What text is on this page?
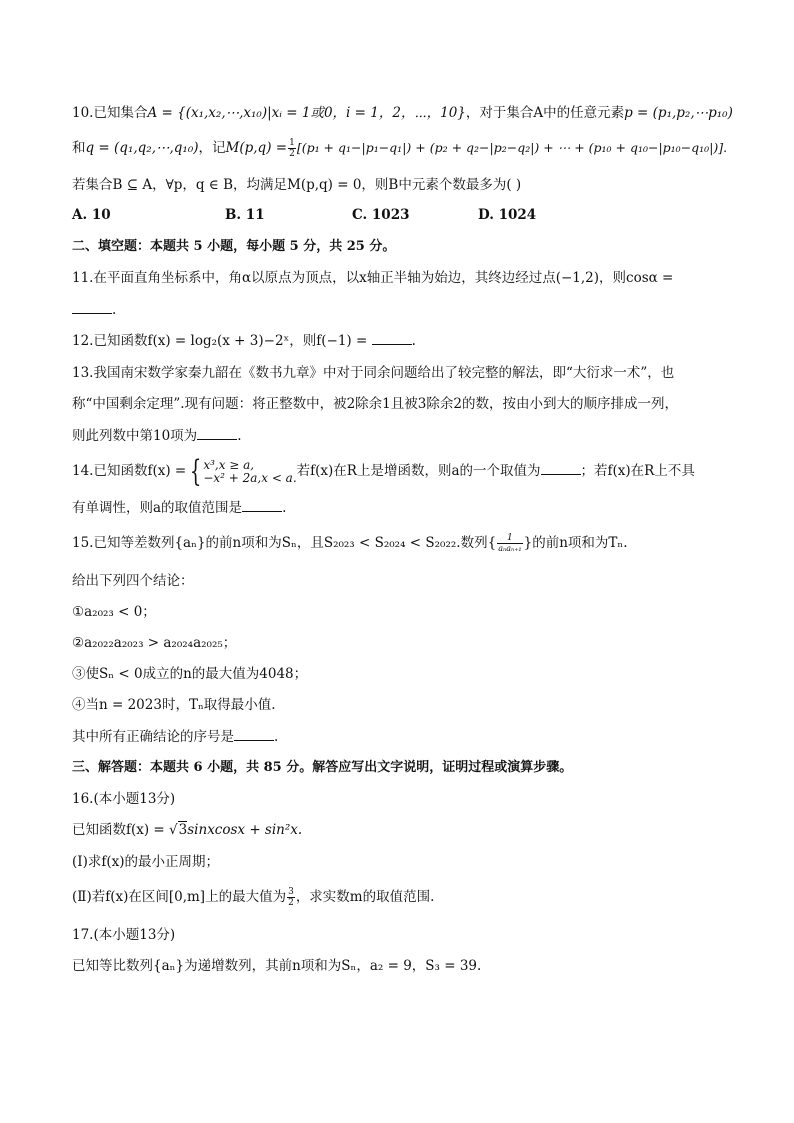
10.已知集合A = {(x₁,x₂,⋯,x₁₀)|xᵢ = 1或0，i = 1，2，⋯，10}，对于集合A中的任意元素p = (p₁,p₂,⋯p₁₀)
和q = (q₁,q₂,⋯,q₁₀)，记$M(p,q) = \frac{1}{2} [(p_1 + q_1-|p_1-q_1|) + (p_2 + q_2-|p_2-q_2|)$ + ⋯ + (p₁₀ + q₁₀−|p₁₀−q₁₀|)].
若集合B ⊆ A，∀p，q ∈ B，均满足M(p,q) = 0，则B中元素个数最多为( )
A. 10	B. 11	C. 1023	D. 1024
二、填空题：本题共 5 小题，每小题 5 分，共 25 分。
11.在平面直角坐标系中，角α以原点为顶点，以x轴正半轴为始边，其终边经过点(−1,2)，则cosα =
.
12.已知函数f(x) = log₂(x + 3)−2ˣ，则f(−1) =	.
13.我国南宋数学家秦九韶在《数书九章》中对于同余问题给出了较完整的解法，即“大衍求一术”，也
称“中国剩余定理”.现有问题：将正整数中，被2除余1且被3除余2的数，按由小到大的顺序排成一列，
则此列数中第10项为	.
14.已知函数f(x) = { x³,x ≥ a,
−x² + 2a,x < a. 若f(x)在R上是增函数，则a的一个取值为	；若f(x)在R上不具
有单调性，则a的取值范围是	.
15.已知等差数列{aₙ}的前n项和为Sₙ，且S₂₀₂₃ < S₂₀₂₄ < S₂₀₂₂.数列{ $\frac{1}{\text{aₙaₙ₊₁}}$ }的前n项和为Tₙ.
给出下列四个结论：
①a₂₀₂₃ < 0；
②a₂₀₂₂a₂₀₂₃ > a₂₀₂₄a₂₀₂₅；
③使Sₙ < 0成立的n的最大值为4048；
④当n = 2023时，Tₙ取得最小值.
其中所有正确结论的序号是	.
三、解答题：本题共 6 小题，共 85 分。解答应写出文字说明，证明过程或演算步骤。
16.(本小题13分)
已知函数f(x) = √3sinxcosx + sin²x.
(Ⅰ)求f(x)的最小正周期；
(Ⅱ)若f(x)在区间[0,m]上的最大值为 $\frac{3}{2}$ ，求实数m的取值范围.
17.(本小题13分)
已知等比数列{aₙ}为递增数列，其前n项和为Sₙ，a₂ = 9，S₃ = 39.
